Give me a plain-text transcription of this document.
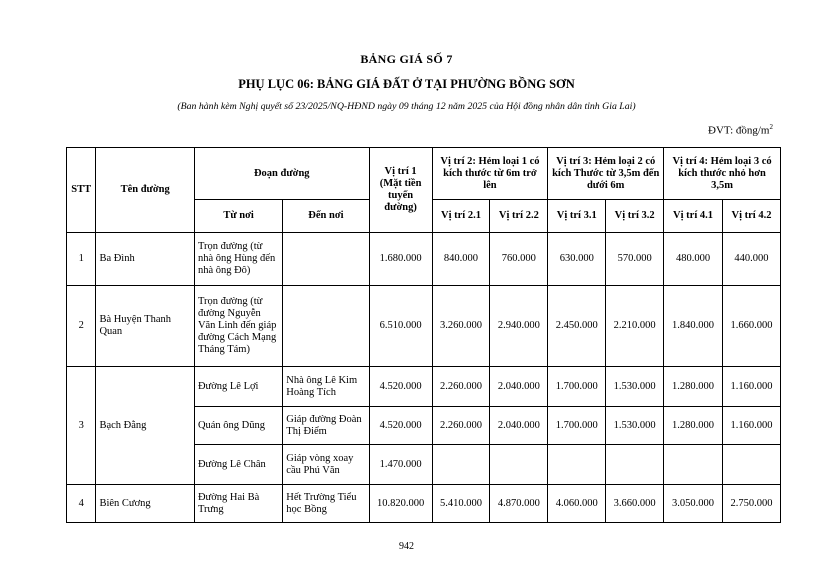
BẢNG GIÁ SỐ 7
PHỤ LỤC 06: BẢNG GIÁ ĐẤT Ở TẠI PHƯỜNG BỒNG SƠN
(Ban hành kèm Nghị quyết số 23/2025/NQ-HĐND ngày 09 tháng 12 năm 2025 của Hội đồng nhân dân tỉnh Gia Lai)
ĐVT: đồng/$m^2$
STT	Tên đường	Đoạn đường		Vị trí 1 (Mặt tiền tuyến đường)	Vị trí 2: Hẻm loại 1 có kích thước từ 6m trở lên		Vị trí 3: Hẻm loại 2 có kích Thước từ 3,5m đến dưới 6m		Vị trí 4: Hẻm loại 3 có kích thước nhỏ hơn 3,5m	
		Từ nơi	Đến nơi		Vị trí 2.1	Vị trí 2.2	Vị trí 3.1	Vị trí 3.2	Vị trí 4.1	Vị trí 4.2
1	Ba Đình	Trọn đường (từ nhà ông Hùng đến nhà ông Đô)		1.680.000	840.000	760.000	630.000	570.000	480.000	440.000
2	Bà Huyện Thanh Quan	Trọn đường (từ đường Nguyễn Văn Linh đến giáp đường Cách Mạng Tháng Tám)		6.510.000	3.260.000	2.940.000	2.450.000	2.210.000	1.840.000	1.660.000
3	Bạch Đằng	Đường Lê Lợi	Nhà ông Lê Kim Hoàng Tích	4.520.000	2.260.000	2.040.000	1.700.000	1.530.000	1.280.000	1.160.000
		Quán ông Dũng	Giáp đường Đoàn Thị Điểm	4.520.000	2.260.000	2.040.000	1.700.000	1.530.000	1.280.000	1.160.000
		Đường Lê Chân	Giáp vòng xoay cầu Phú Văn	1.470.000						
4	Biên Cương	Đường Hai Bà Trưng	Hết Trường Tiểu học Bồng	10.820.000	5.410.000	4.870.000	4.060.000	3.660.000	3.050.000	2.750.000
942
